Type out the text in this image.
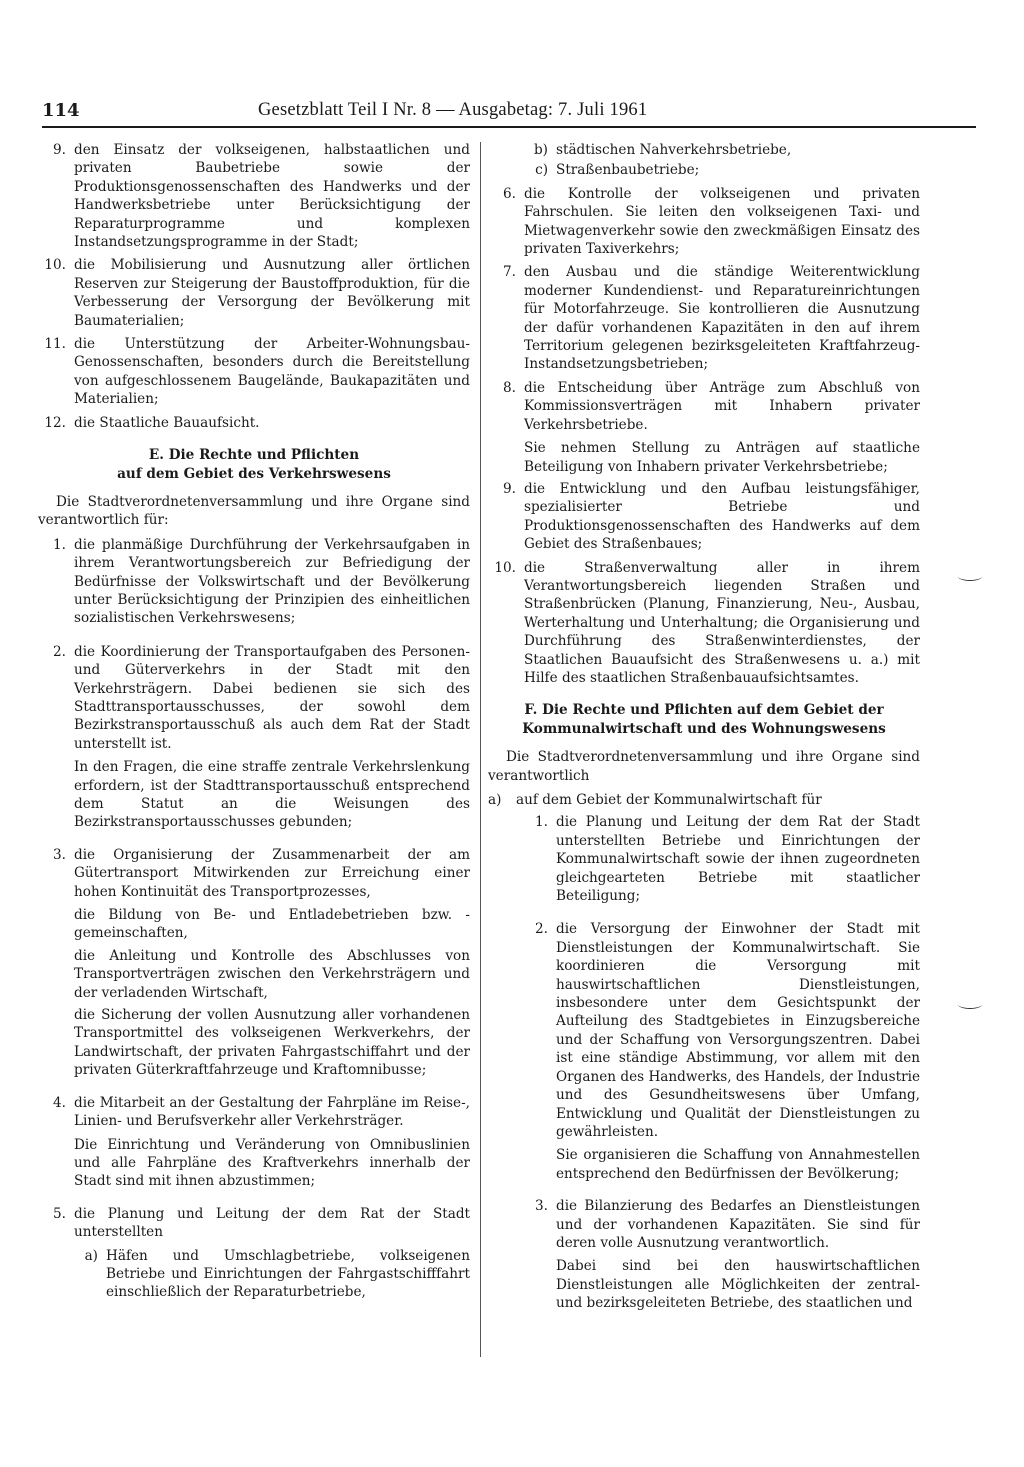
114	Gesetzblatt Teil I Nr. 8 — Ausgabetag: 7. Juli 1961
9. den Einsatz der volkseigenen, halbstaatlichen und privaten Baubetriebe sowie der Produktionsgenossenschaften des Handwerks und der Handwerksbetriebe unter Berücksichtigung der Reparaturprogramme und komplexen Instandsetzungsprogramme in der Stadt;
10. die Mobilisierung und Ausnutzung aller örtlichen Reserven zur Steigerung der Baustoffproduktion, für die Verbesserung der Versorgung der Bevölkerung mit Baumaterialien;
11. die Unterstützung der Arbeiter-Wohnungsbau-Genossenschaften, besonders durch die Bereitstellung von aufgeschlossenem Baugelände, Baukapazitäten und Materialien;
12. die Staatliche Bauaufsicht.
E. Die Rechte und Pflichten
auf dem Gebiet des Verkehrswesens
Die Stadtverordnetenversammlung und ihre Organe sind verantwortlich für:
1. die planmäßige Durchführung der Verkehrsaufgaben in ihrem Verantwortungsbereich zur Befriedigung der Bedürfnisse der Volkswirtschaft und der Bevölkerung unter Berücksichtigung der Prinzipien des einheitlichen sozialistischen Verkehrswesens;
2. die Koordinierung der Transportaufgaben des Personen- und Güterverkehrs in der Stadt mit den Verkehrsträgern. Dabei bedienen sie sich des Stadttransportausschusses, der sowohl dem Bezirkstransportausschuß als auch dem Rat der Stadt unterstellt ist.
In den Fragen, die eine straffe zentrale Verkehrslenkung erfordern, ist der Stadttransportausschuß entsprechend dem Statut an die Weisungen des Bezirkstransportausschusses gebunden;
3. die Organisierung der Zusammenarbeit der am Gütertransport Mitwirkenden zur Erreichung einer hohen Kontinuität des Transportprozesses,
die Bildung von Be- und Entladebetrieben bzw. -gemeinschaften,
die Anleitung und Kontrolle des Abschlusses von Transportverträgen zwischen den Verkehrsträgern und der verladenden Wirtschaft,
die Sicherung der vollen Ausnutzung aller vorhandenen Transportmittel des volkseigenen Werkverkehrs, der Landwirtschaft, der privaten Fahrgastschiffahrt und der privaten Güterkraftfahrzeuge und Kraftomnibusse;
4. die Mitarbeit an der Gestaltung der Fahrpläne im Reise-, Linien- und Berufsverkehr aller Verkehrsträger.
Die Einrichtung und Veränderung von Omnibuslinien und alle Fahrpläne des Kraftverkehrs innerhalb der Stadt sind mit ihnen abzustimmen;
5. die Planung und Leitung der dem Rat der Stadt unterstellten
a) Häfen und Umschlagbetriebe, volkseigenen Betriebe und Einrichtungen der Fahrgastschifffahrt einschließlich der Reparaturbetriebe,
b) städtischen Nahverkehrsbetriebe,
c) Straßenbaubetriebe;
6. die Kontrolle der volkseigenen und privaten Fahrschulen. Sie leiten den volkseigenen Taxi- und Mietwagenverkehr sowie den zweckmäßigen Einsatz des privaten Taxiverkehrs;
7. den Ausbau und die ständige Weiterentwicklung moderner Kundendienst- und Reparatureinrichtungen für Motorfahrzeuge. Sie kontrollieren die Ausnutzung der dafür vorhandenen Kapazitäten in den auf ihrem Territorium gelegenen bezirksgeleiteten Kraftfahrzeug-Instandsetzungsbetrieben;
8. die Entscheidung über Anträge zum Abschluß von Kommissionsverträgen mit Inhabern privater Verkehrsbetriebe.
Sie nehmen Stellung zu Anträgen auf staatliche Beteiligung von Inhabern privater Verkehrsbetriebe;
9. die Entwicklung und den Aufbau leistungsfähiger, spezialisierter Betriebe und Produktionsgenossenschaften des Handwerks auf dem Gebiet des Straßenbaues;
10. die Straßenverwaltung aller in ihrem Verantwortungsbereich liegenden Straßen und Straßenbrücken (Planung, Finanzierung, Neu-, Ausbau, Werterhaltung und Unterhaltung; die Organisierung und Durchführung des Straßenwinterdienstes, der Staatlichen Bauaufsicht des Straßenwesens u. a.) mit Hilfe des staatlichen Straßenbauaufsichtsamtes.
F. Die Rechte und Pflichten auf dem Gebiet der
Kommunalwirtschaft und des Wohnungswesens
Die Stadtverordnetenversammlung und ihre Organe sind verantwortlich
a)	auf dem Gebiet der Kommunalwirtschaft für
1. die Planung und Leitung der dem Rat der Stadt unterstellten Betriebe und Einrichtungen der Kommunalwirtschaft sowie der ihnen zugeordneten gleichgearteten Betriebe mit staatlicher Beteiligung;
2. die Versorgung der Einwohner der Stadt mit Dienstleistungen der Kommunalwirtschaft. Sie koordinieren die Versorgung mit hauswirtschaftlichen Dienstleistungen, insbesondere unter dem Gesichtspunkt der Aufteilung des Stadtgebietes in Einzugsbereiche und der Schaffung von Versorgungszentren. Dabei ist eine ständige Abstimmung, vor allem mit den Organen des Handwerks, des Handels, der Industrie und des Gesundheitswesens über Umfang, Entwicklung und Qualität der Dienstleistungen zu gewährleisten.
Sie organisieren die Schaffung von Annahmestellen entsprechend den Bedürfnissen der Bevölkerung;
3. die Bilanzierung des Bedarfes an Dienstleistungen und der vorhandenen Kapazitäten. Sie sind für deren volle Ausnutzung verantwortlich.
Dabei sind bei den hauswirtschaftlichen Dienstleistungen alle Möglichkeiten der zentral- und bezirksgeleiteten Betriebe, des staatlichen und
